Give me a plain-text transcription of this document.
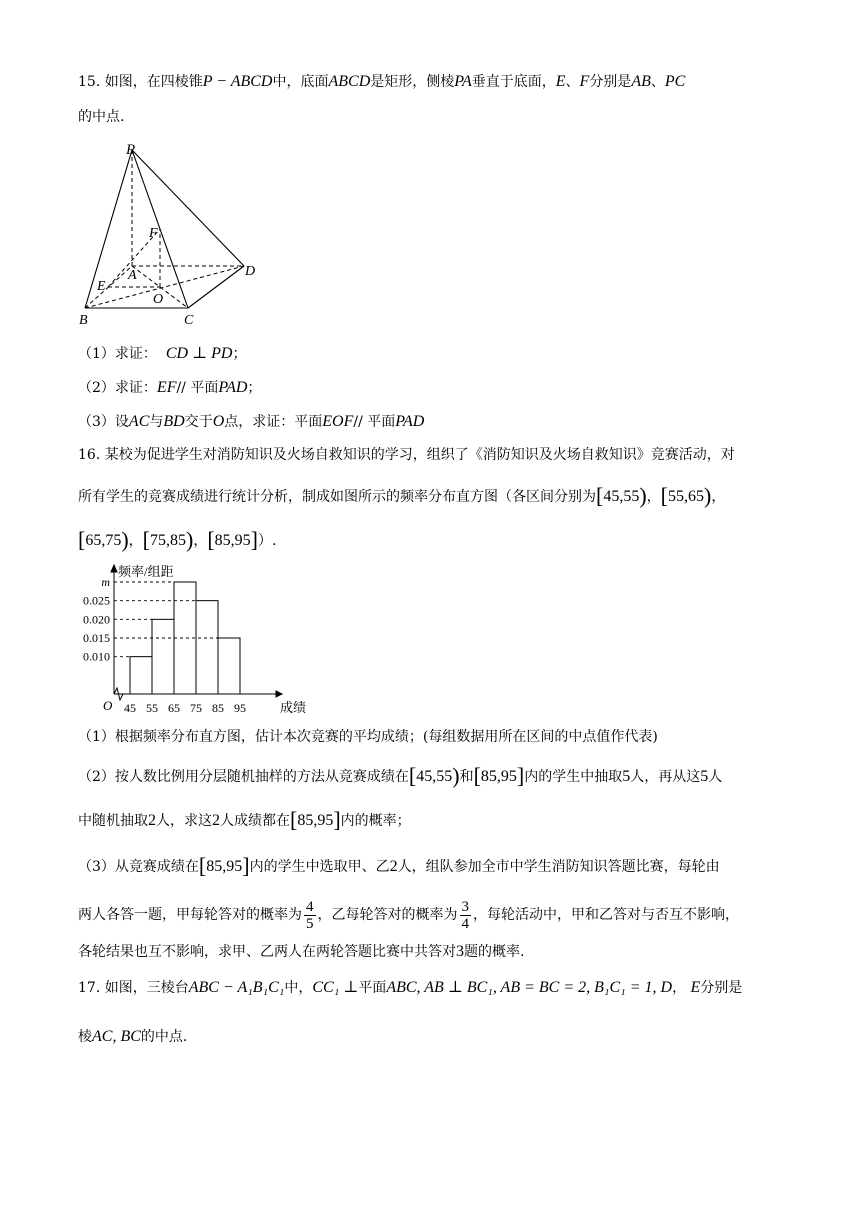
15. 如图，在四棱锥P − ABCD中，底面ABCD是矩形，侧棱PA垂直于底面，E、F分别是AB、PC
的中点.
P
F
A	D
E
O
B	C
（1）求证： CD ⊥ PD；
（2）求证：EF// 平面PAD；
（3）设AC与BD交于O点，求证：平面EOF// 平面PAD
16. 某校为促进学生对消防知识及火场自救知识的学习，组织了《消防知识及火场自救知识》竞赛活动，对
所有学生的竞赛成绩进行统计分析，制成如图所示的频率分布直方图（各区间分别为[45,55)，[55,65)，
[65,75)，[75,85)，[85,95]）.
0.010
0.015
0.020
0.025
m
45 55 65 75 85 95
频率/组距
成绩
O
（1）根据频率分布直方图，估计本次竞赛的平均成绩；(每组数据用所在区间的中点值作代表)
（2）按人数比例用分层随机抽样的方法从竞赛成绩在[45,55)和[85,95]内的学生中抽取5人，再从这5人
中随机抽取2人，求这2人成绩都在[85,95]内的概率；
（3）从竞赛成绩在[85,95]内的学生中选取甲、乙2人，组队参加全市中学生消防知识答题比赛，每轮由
两人各答一题，甲每轮答对的概率为 $\frac{4}{5}$ ，乙每轮答对的概率为 $\frac{3}{4}$ ，每轮活动中，甲和乙答对与否互不影响，
各轮结果也互不影响，求甲、乙两人在两轮答题比赛中共答对3题的概率.
17. 如图，三棱台ABC − A₁B₁C₁中，CC₁ ⊥平面ABC, AB ⊥ BC₁, AB = BC = 2, B₁C₁ = 1, D， E分别是
棱AC, BC的中点.
